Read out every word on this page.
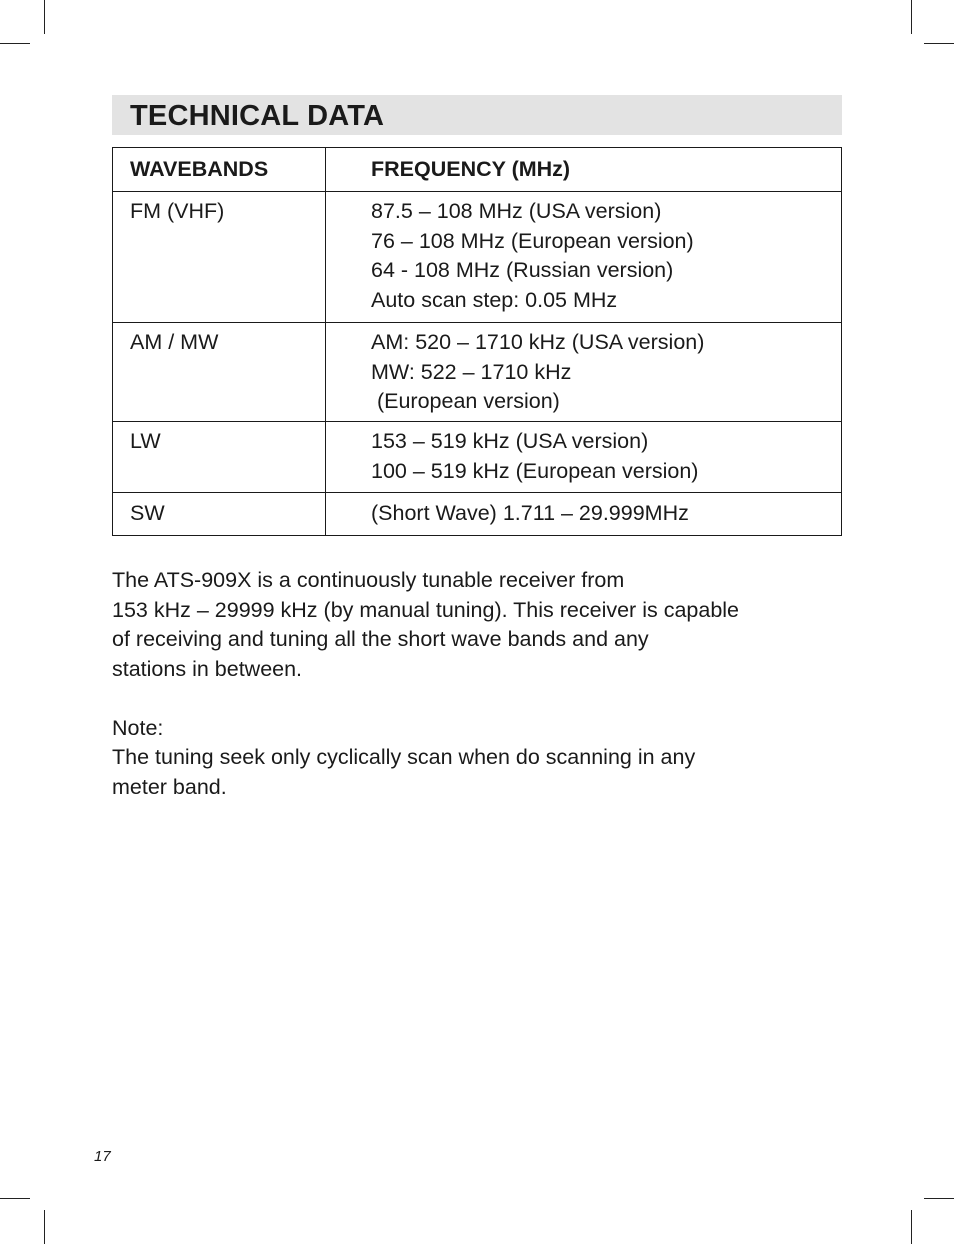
TECHNICAL DATA
WAVEBANDS	FREQUENCY (MHz)

FM (VHF)	87.5 – 108 MHz (USA version)
76 – 108 MHz (European version)
64 - 108 MHz (Russian version)
Auto scan step: 0.05 MHz

AM / MW	AM: 520 – 1710 kHz (USA version)
MW: 522 – 1710 kHz
(European version)

LW	153 – 519 kHz (USA version)
100 – 519 kHz (European version)

SW	(Short Wave) 1.711 – 29.999MHz
The ATS-909X is a continuously tunable receiver from
153 kHz – 29999 kHz (by manual tuning). This receiver is capable
of receiving and tuning all the short wave bands and any
stations in between.
Note:
The tuning seek only cyclically scan when do scanning in any
meter band.
17
